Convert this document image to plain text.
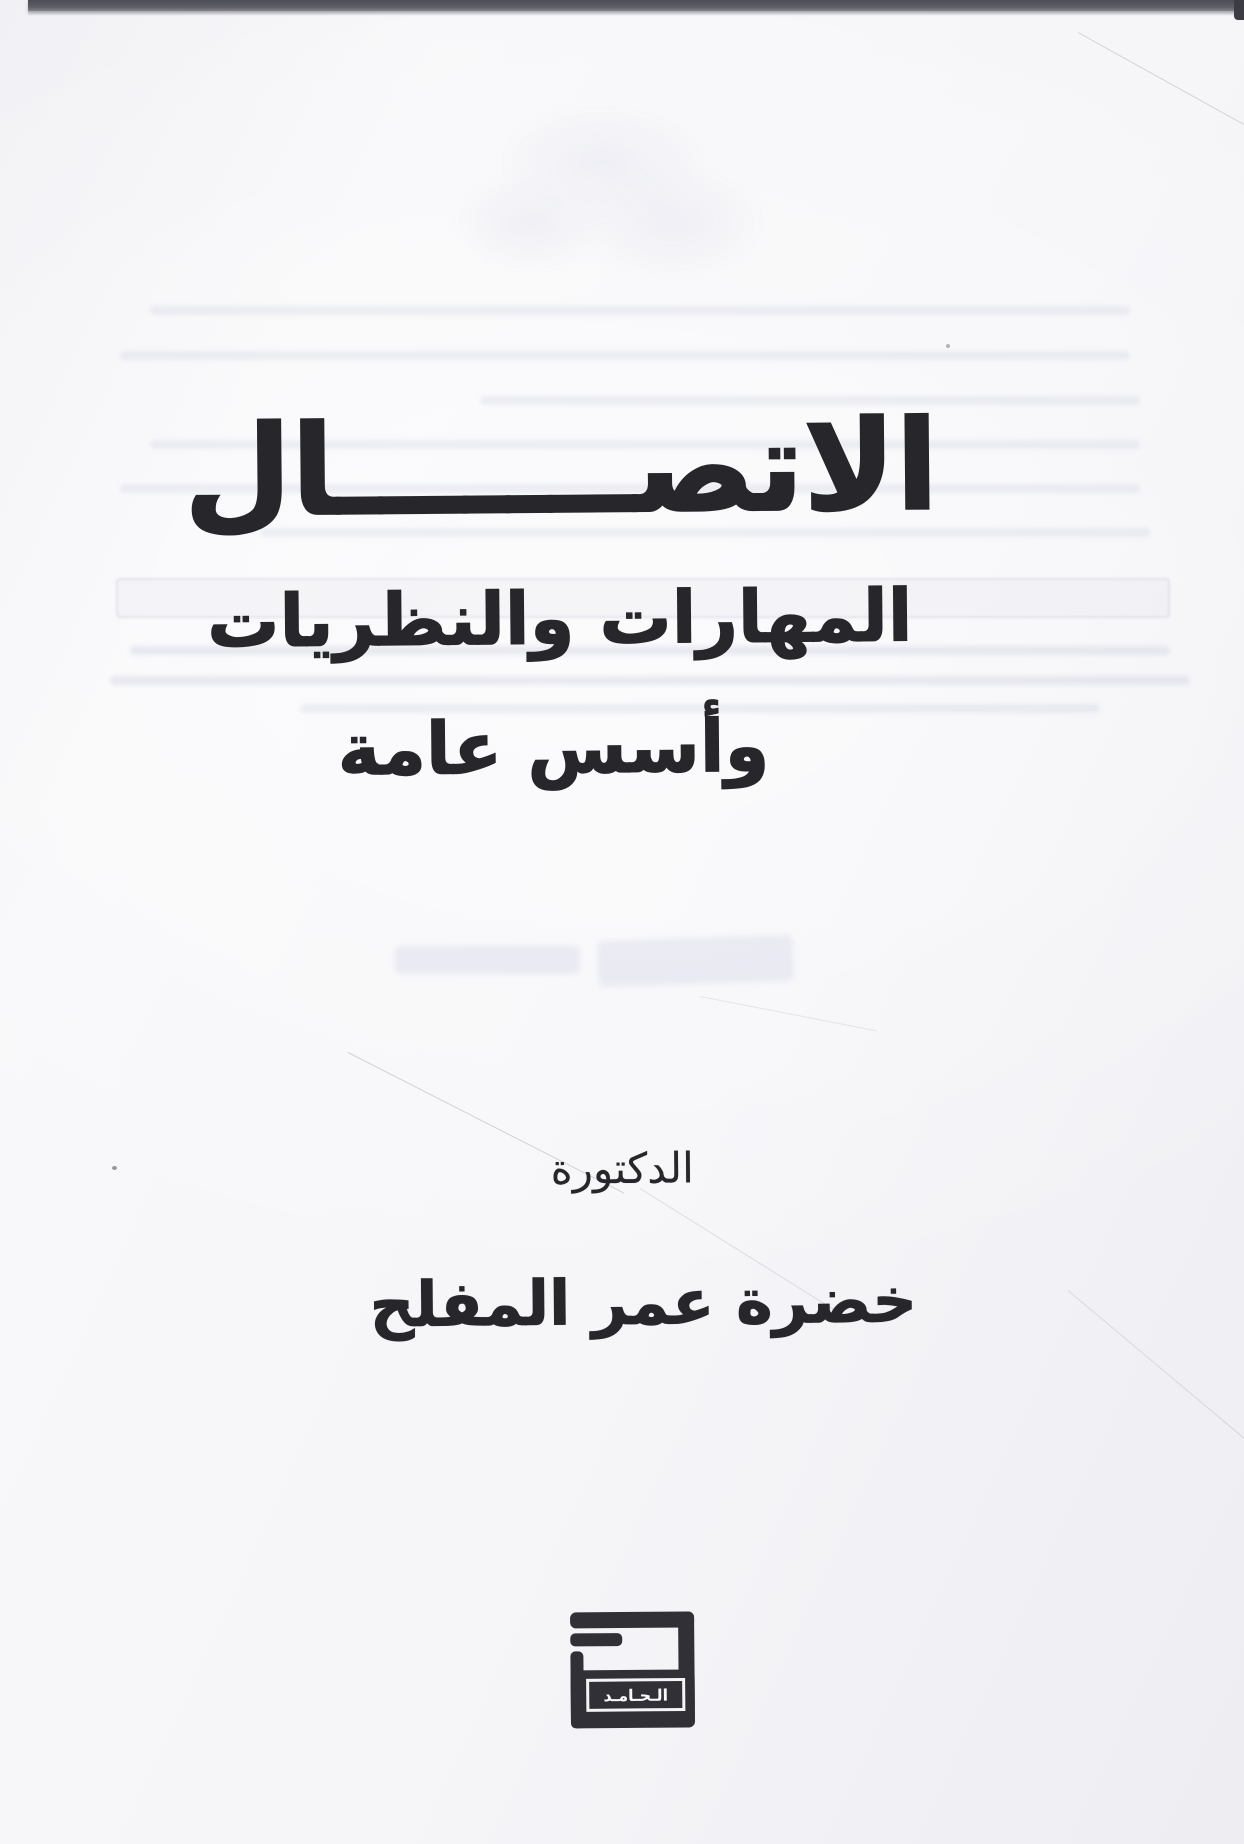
الاتصـــــــال
المهارات والنظريات
وأسس عامة
الدكتورة
خضرة عمر المفلح
الـحـامـد
